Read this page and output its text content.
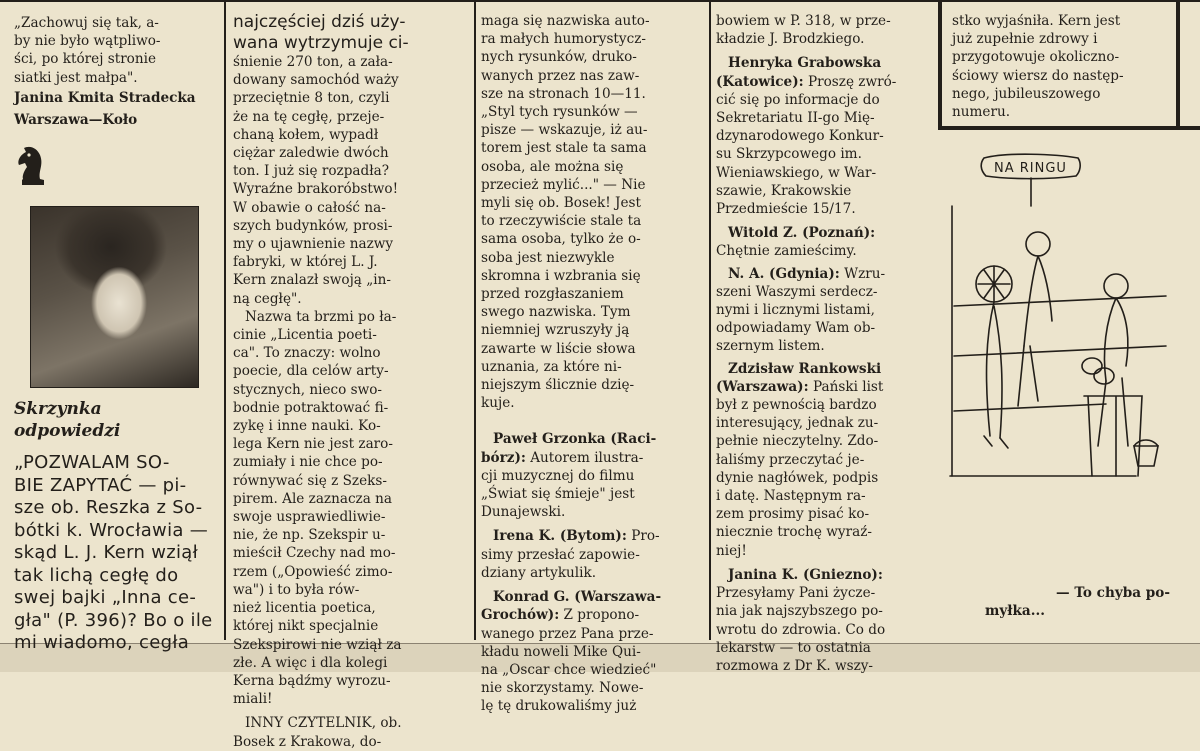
„Zachowuj się tak, a-

by nie było wątpliwo-

ści, po której stronie

siatki jest małpa".

Janina Kmita Stradecka

Warszawa—Koło

Skrzynka

odpowiedzi

„POZWALAM SO-

BIE ZAPYTAĆ — pi-

sze ob. Reszka z So-

bótki k. Wrocławia —

skąd L. J. Kern wziął

tak lichą cegłę do

swej bajki „Inna ce-

gła" (P. 396)? Bo o ile

mi wiadomo, cegła

najczęściej dziś uży-

wana wytrzymuje ci-

śnienie 270 ton, a zała-

dowany samochód waży

przeciętnie 8 ton, czyli

że na tę cegłę, przeje-

chaną kołem, wypadł

ciężar zaledwie dwóch

ton. I już się rozpadła?

Wyraźne brakoróbstwo!

W obawie o całość na-

szych budynków, prosi-

my o ujawnienie nazwy

fabryki, w której L. J.

Kern znalazł swoją „in-

ną cegłę".

Nazwa ta brzmi po ła-

cinie „Licentia poeti-

ca". To znaczy: wolno

poecie, dla celów arty-

stycznych, nieco swo-

bodnie potraktować fi-

zykę i inne nauki. Ko-

lega Kern nie jest zaro-

zumiały i nie chce po-

równywać się z Szeks-

pirem. Ale zaznacza na

swoje usprawiedliwie-

nie, że np. Szekspir u-

mieścił Czechy nad mo-

rzem („Opowieść zimo-

wa") i to była rów-

nież licentia poetica,

której nikt specjalnie

Szekspirowi nie wziął za

złe. A więc i dla kolegi

Kerna bądźmy wyrozu-

miali!

INNY CZYTELNIK, ob.

Bosek z Krakowa, do-

maga się nazwiska auto-

ra małych humorystycz-

nych rysunków, druko-

wanych przez nas zaw-

sze na stronach 10—11.

„Styl tych rysunków —

pisze — wskazuje, iż au-

torem jest stale ta sama

osoba, ale można się

przecież mylić..." — Nie

myli się ob. Bosek! Jest

to rzeczywiście stale ta

sama osoba, tylko że o-

soba jest niezwykle

skromna i wzbrania się

przed rozgłaszaniem

swego nazwiska. Tym

niemniej wzruszyły ją

zawarte w liście słowa

uznania, za które ni-

niejszym ślicznie dzię-

kuje.

Paweł Grzonka (Raci-

bórz): Autorem ilustra-

cji muzycznej do filmu

„Świat się śmieje" jest

Dunajewski.

Irena K. (Bytom): Pro-

simy przesłać zapowie-

dziany artykulik.

Konrad G. (Warszawa-

Grochów): Z propono-

wanego przez Pana prze-

kładu noweli Mike Qui-

na „Oscar chce wiedzieć"

nie skorzystamy. Nowe-

lę tę drukowaliśmy już

bowiem w P. 318, w prze-

kładzie J. Brodzkiego.

Henryka Grabowska

(Katowice): Proszę zwró-

cić się po informacje do

Sekretariatu II-go Mię-

dzynarodowego Konkur-

su Skrzypcowego im.

Wieniawskiego, w War-

szawie, Krakowskie

Przedmieście 15/17.

Witold Z. (Poznań):

Chętnie zamieścimy.

N. A. (Gdynia): Wzru-

szeni Waszymi serdecz-

nymi i licznymi listami,

odpowiadamy Wam ob-

szernym listem.

Zdzisław Rankowski

(Warszawa): Pański list

był z pewnością bardzo

interesujący, jednak zu-

pełnie nieczytelny. Zdo-

łaliśmy przeczytać je-

dynie nagłówek, podpis

i datę. Następnym ra-

zem prosimy pisać ko-

niecznie trochę wyraź-

niej!

Janina K. (Gniezno):

Przesyłamy Pani życze-

nia jak najszybszego po-

wrotu do zdrowia. Co do

lekarstw — to ostatnia

rozmowa z Dr K. wszy-

stko wyjaśniła. Kern jest

już zupełnie zdrowy i

przygotowuje okoliczno-

ściowy wiersz do następ-

nego, jubileuszowego

numeru.

NA RINGU

— To chyba po-

myłka...
